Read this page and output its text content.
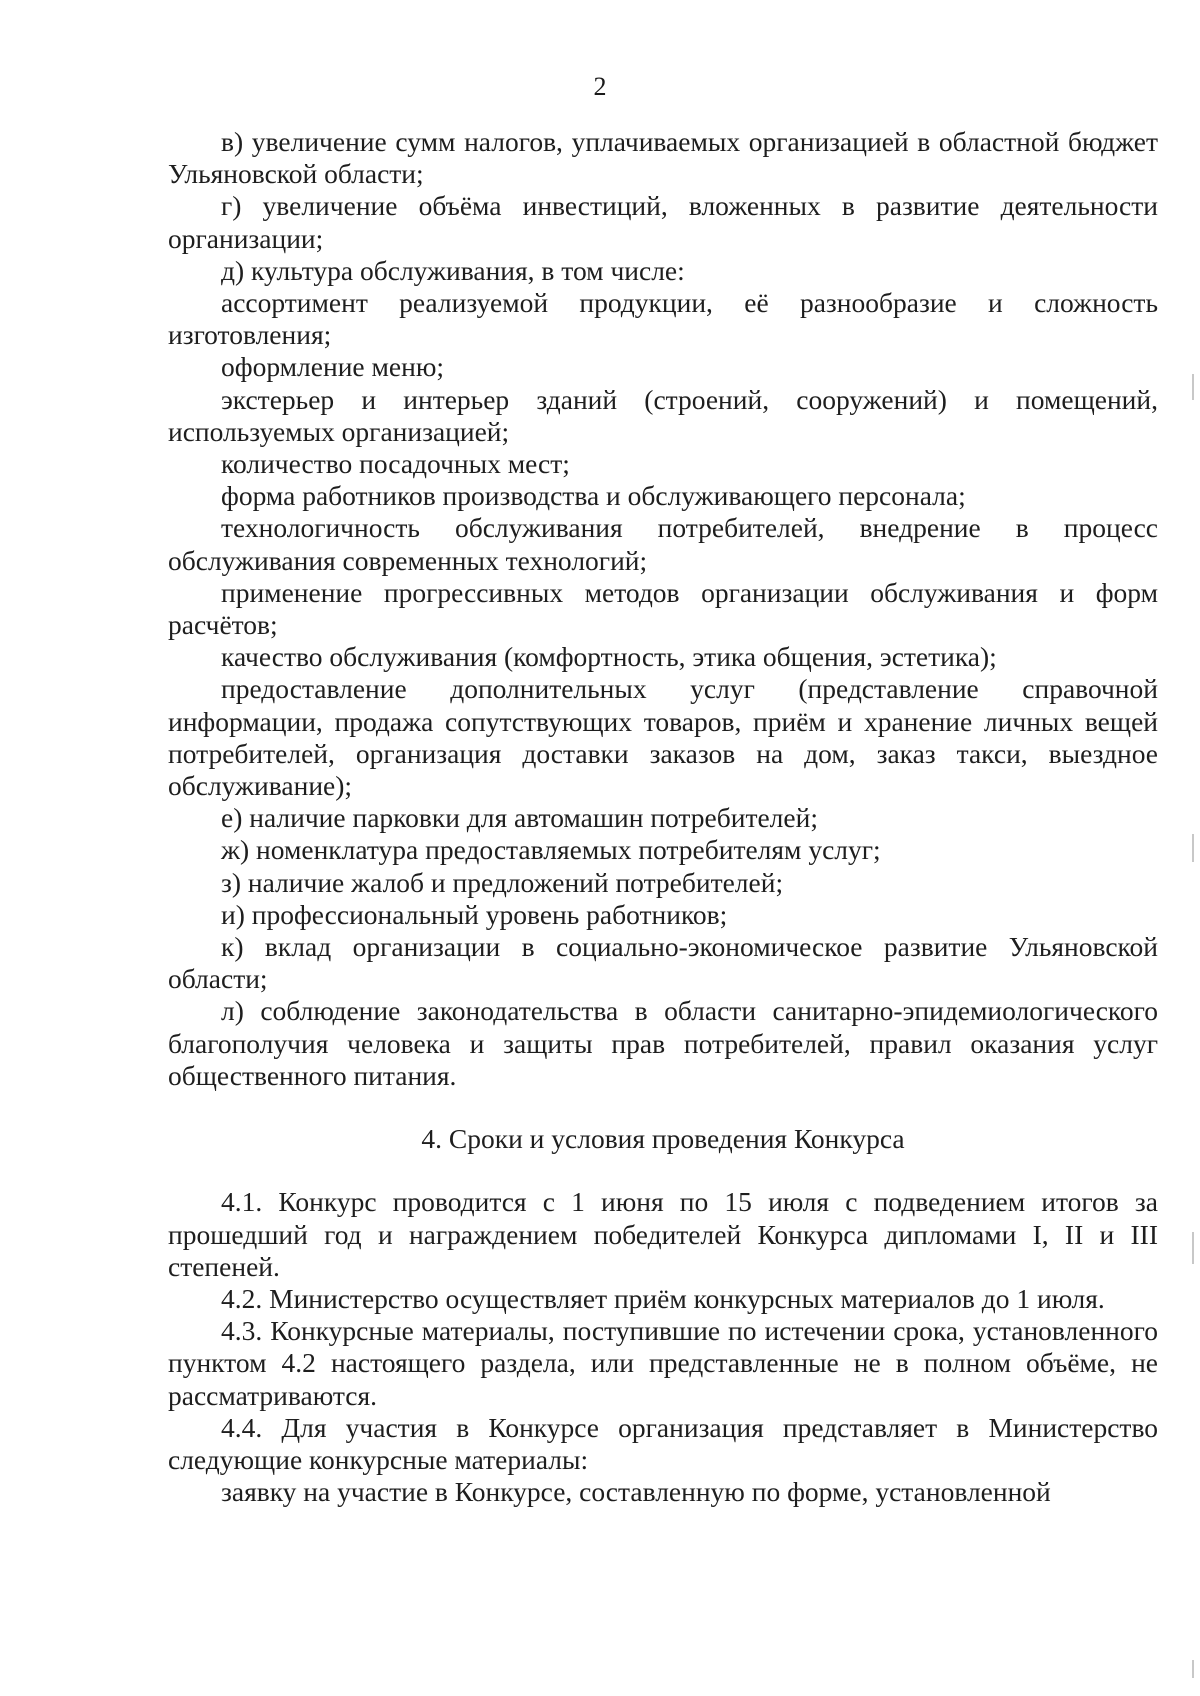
2

в) увеличение сумм налогов, уплачиваемых организацией в областной бюджет Ульяновской области;

г) увеличение объёма инвестиций, вложенных в развитие деятельности организации;

д) культура обслуживания, в том числе:

ассортимент реализуемой продукции, её разнообразие и сложность изготовления;

оформление меню;

экстерьер и интерьер зданий (строений, сооружений) и помещений, используемых организацией;

количество посадочных мест;

форма работников производства и обслуживающего персонала;

технологичность обслуживания потребителей, внедрение в процесс обслуживания современных технологий;

применение прогрессивных методов организации обслуживания и форм расчётов;

качество обслуживания (комфортность, этика общения, эстетика);

предоставление дополнительных услуг (представление справочной информации, продажа сопутствующих товаров, приём и хранение личных вещей потребителей, организация доставки заказов на дом, заказ такси, выездное обслуживание);

е) наличие парковки для автомашин потребителей;

ж) номенклатура предоставляемых потребителям услуг;

з) наличие жалоб и предложений потребителей;

и) профессиональный уровень работников;

к) вклад организации в социально-экономическое развитие Ульяновской области;

л) соблюдение законодательства в области санитарно-эпидемиологического благополучия человека и защиты прав потребителей, правил оказания услуг общественного питания.

4. Сроки и условия проведения Конкурса

4.1. Конкурс проводится с 1 июня по 15 июля с подведением итогов за прошедший год и награждением победителей Конкурса дипломами I, II и III степеней.

4.2. Министерство осуществляет приём конкурсных материалов до 1 июля.

4.3. Конкурсные материалы, поступившие по истечении срока, установленного пунктом 4.2 настоящего раздела, или представленные не в полном объёме, не рассматриваются.

4.4. Для участия в Конкурсе организация представляет в Министерство следующие конкурсные материалы:

заявку на участие в Конкурсе, составленную по форме, установленной
